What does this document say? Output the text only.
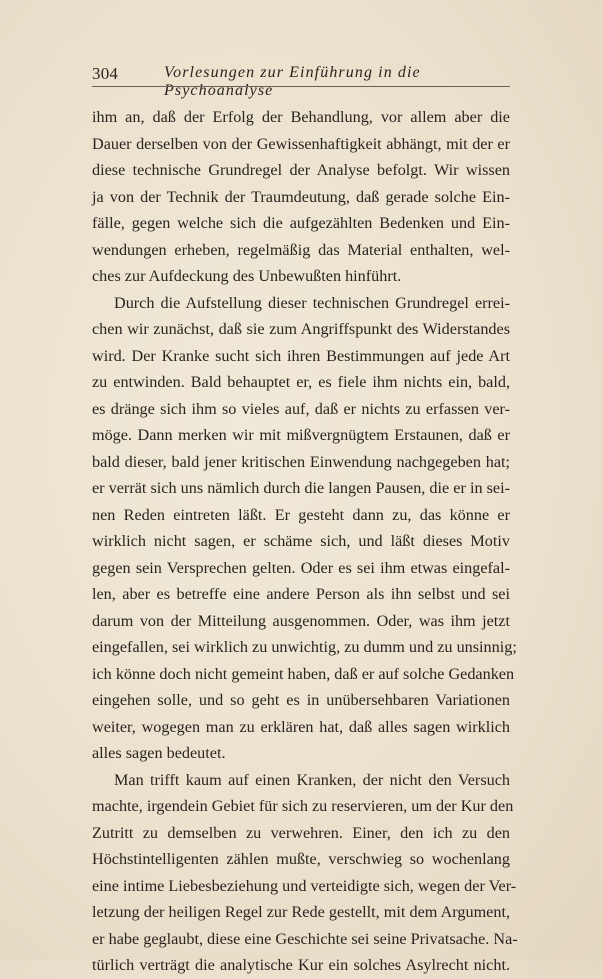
304	Vorlesungen zur Einführung in die Psychoanalyse
ihm an, daß der Erfolg der Behandlung, vor allem aber die
Dauer derselben von der Gewissenhaftigkeit abhängt, mit der er
diese technische Grundregel der Analyse befolgt. Wir wissen
ja von der Technik der Traumdeutung, daß gerade solche Ein-
fälle, gegen welche sich die aufgezählten Bedenken und Ein-
wendungen erheben, regelmäßig das Material enthalten, wel-
ches zur Aufdeckung des Unbewußten hinführt.
Durch die Aufstellung dieser technischen Grundregel errei-
chen wir zunächst, daß sie zum Angriffspunkt des Widerstandes
wird. Der Kranke sucht sich ihren Bestimmungen auf jede Art
zu entwinden. Bald behauptet er, es fiele ihm nichts ein, bald,
es dränge sich ihm so vieles auf, daß er nichts zu erfassen ver-
möge. Dann merken wir mit mißvergnügtem Erstaunen, daß er
bald dieser, bald jener kritischen Einwendung nachgegeben hat;
er verrät sich uns nämlich durch die langen Pausen, die er in sei-
nen Reden eintreten läßt. Er gesteht dann zu, das könne er
wirklich nicht sagen, er schäme sich, und läßt dieses Motiv
gegen sein Versprechen gelten. Oder es sei ihm etwas eingefal-
len, aber es betreffe eine andere Person als ihn selbst und sei
darum von der Mitteilung ausgenommen. Oder, was ihm jetzt
eingefallen, sei wirklich zu unwichtig, zu dumm und zu unsinnig;
ich könne doch nicht gemeint haben, daß er auf solche Gedanken
eingehen solle, und so geht es in unübersehbaren Variationen
weiter, wogegen man zu erklären hat, daß alles sagen wirklich
alles sagen bedeutet.
Man trifft kaum auf einen Kranken, der nicht den Versuch
machte, irgendein Gebiet für sich zu reservieren, um der Kur den
Zutritt zu demselben zu verwehren. Einer, den ich zu den
Höchstintelligenten zählen mußte, verschwieg so wochenlang
eine intime Liebesbeziehung und verteidigte sich, wegen der Ver-
letzung der heiligen Regel zur Rede gestellt, mit dem Argument,
er habe geglaubt, diese eine Geschichte sei seine Privatsache. Na-
türlich verträgt die analytische Kur ein solches Asylrecht nicht.
